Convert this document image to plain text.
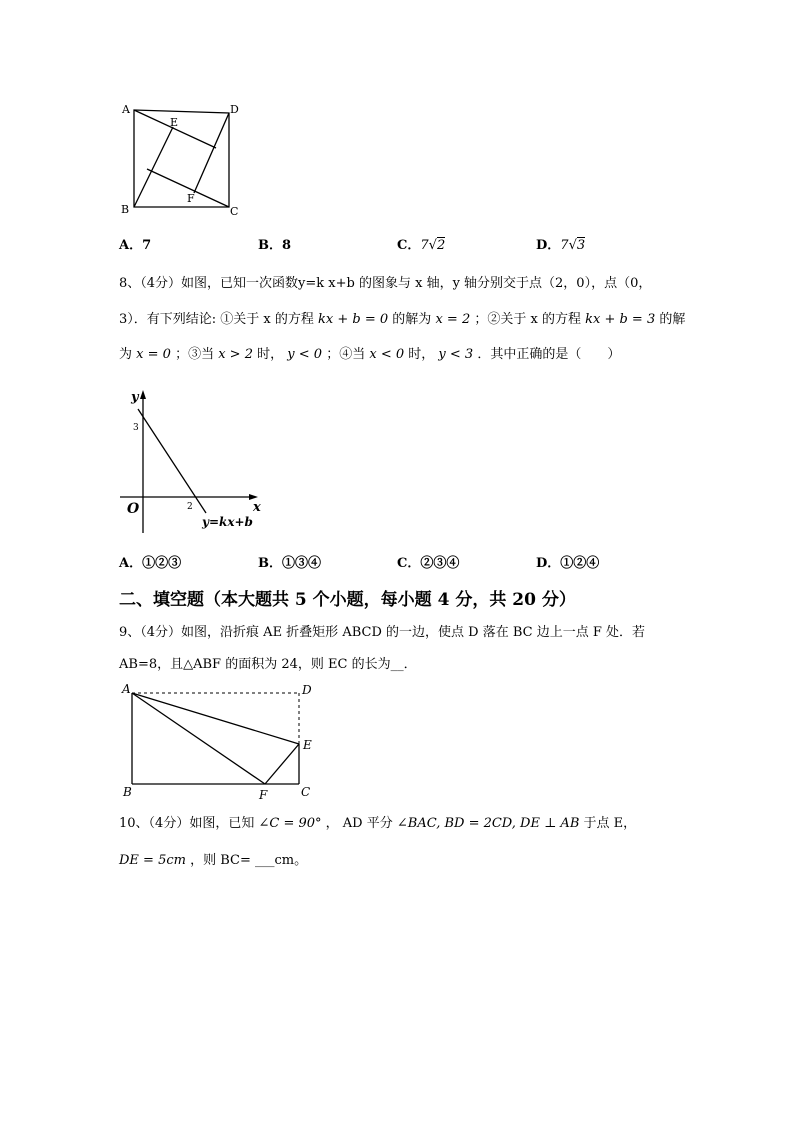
A	D
E
F
B	C
A．7	B．8	C．7√2	D．7√3
8、（4分）如图，已知一次函数y=k x+b 的图象与 x 轴，y 轴分别交于点（2，0），点（0，
3）．有下列结论: ①关于 x 的方程 kx + b = 0 的解为 x = 2 ；②关于 x 的方程 kx + b = 3 的解
为 x = 0 ；③当 x > 2 时， y < 0 ；④当 x < 0 时， y < 3 ．其中正确的是（　　）
y
x
O
3
2
y=kx+b
A．①②③	B．①③④	C．②③④	D．①②④
二、填空题（本大题共 5 个小题，每小题 4 分，共 20 分）
9、（4分）如图，沿折痕 AE 折叠矩形 ABCD 的一边，使点 D 落在 BC 边上一点 F 处．若
AB=8，且△ABF 的面积为 24，则 EC 的长为__．
A	D
E
B	F	C
10、（4分）如图，已知 ∠C = 90° ， AD 平分 ∠BAC, BD = 2CD, DE ⊥ AB 于点 E，
DE = 5cm ，则 BC= ___cm。
